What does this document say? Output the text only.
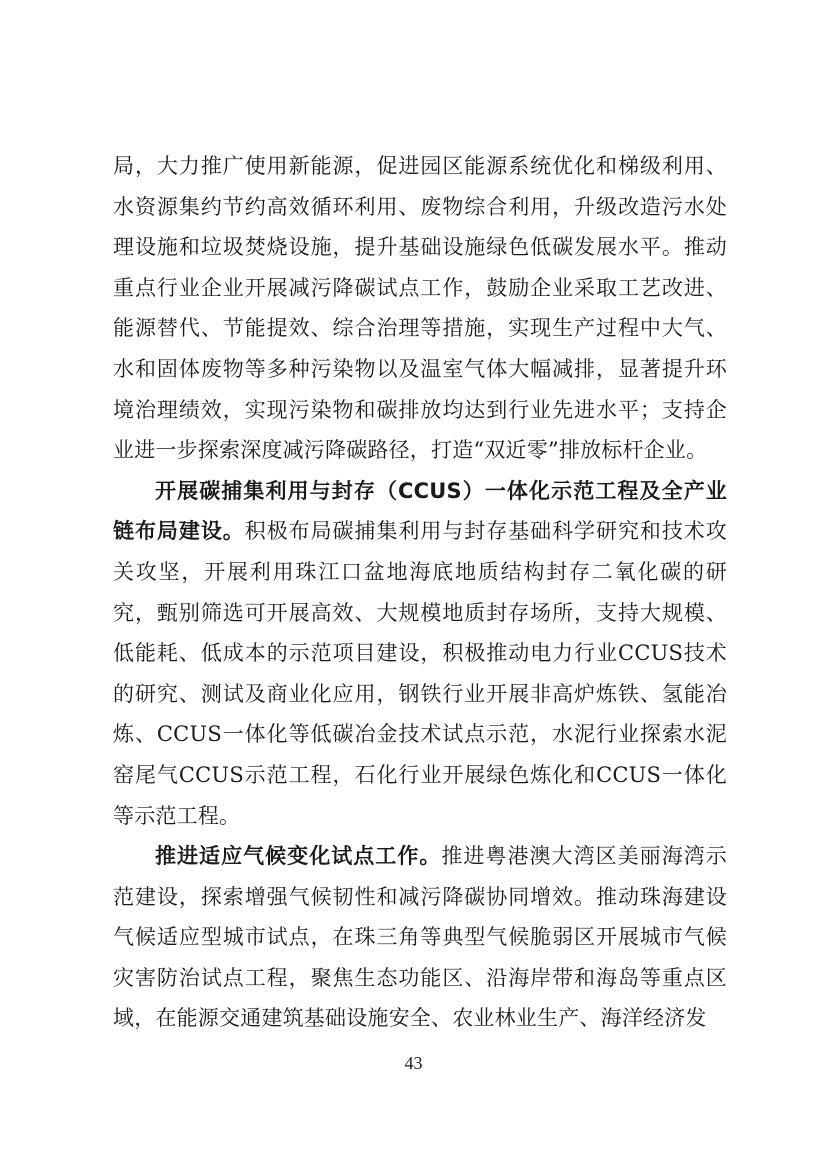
局，大力推广使用新能源，促进园区能源系统优化和梯级利用、水资源集约节约高效循环利用、废物综合利用，升级改造污水处理设施和垃圾焚烧设施，提升基础设施绿色低碳发展水平。推动重点行业企业开展减污降碳试点工作，鼓励企业采取工艺改进、能源替代、节能提效、综合治理等措施，实现生产过程中大气、水和固体废物等多种污染物以及温室气体大幅减排，显著提升环境治理绩效，实现污染物和碳排放均达到行业先进水平；支持企业进一步探索深度减污降碳路径，打造“双近零”排放标杆企业。

开展碳捕集利用与封存（CCUS）一体化示范工程及全产业链布局建设。积极布局碳捕集利用与封存基础科学研究和技术攻关攻坚，开展利用珠江口盆地海底地质结构封存二氧化碳的研究，甄别筛选可开展高效、大规模地质封存场所，支持大规模、低能耗、低成本的示范项目建设，积极推动电力行业CCUS技术的研究、测试及商业化应用，钢铁行业开展非高炉炼铁、氢能冶炼、CCUS一体化等低碳冶金技术试点示范，水泥行业探索水泥窑尾气CCUS示范工程，石化行业开展绿色炼化和CCUS一体化等示范工程。

推进适应气候变化试点工作。推进粤港澳大湾区美丽海湾示范建设，探索增强气候韧性和减污降碳协同增效。推动珠海建设气候适应型城市试点，在珠三角等典型气候脆弱区开展城市气候灾害防治试点工程，聚焦生态功能区、沿海岸带和海岛等重点区域，在能源交通建筑基础设施安全、农业林业生产、海洋经济发

43
